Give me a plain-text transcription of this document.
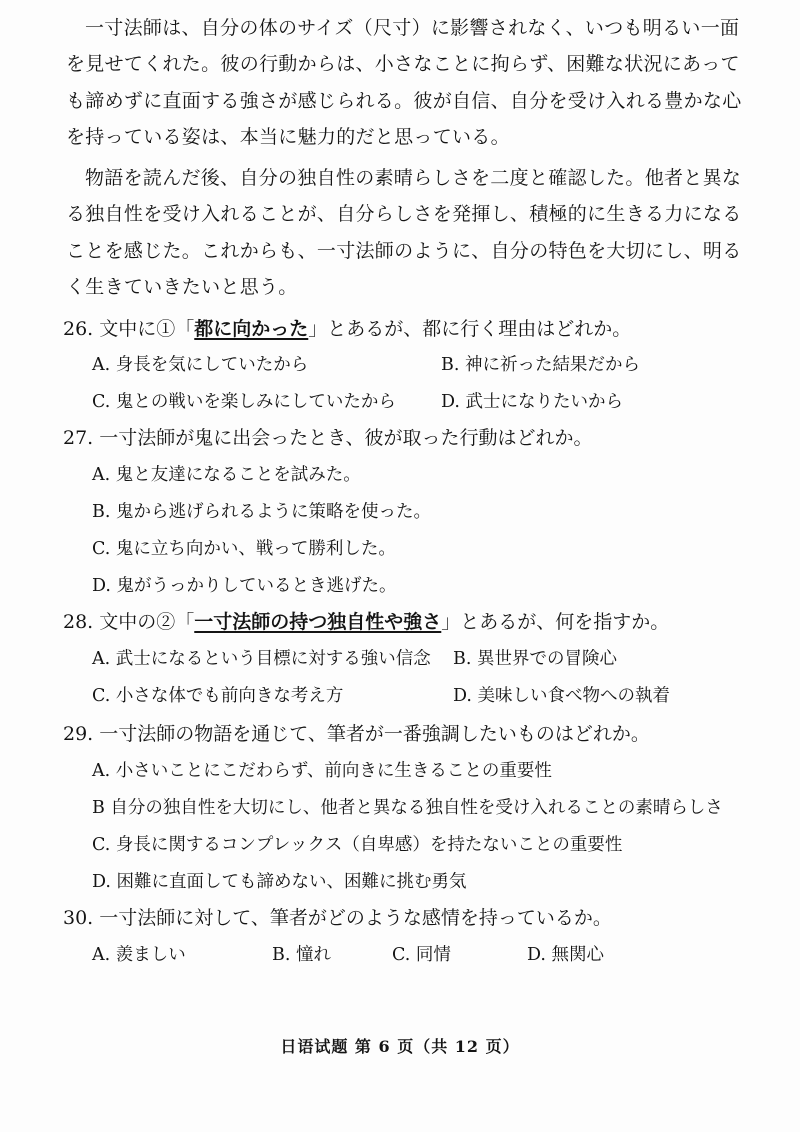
一寸法師は、自分の体のサイズ（尺寸）に影響されなく、いつも明るい一面を見せてくれた。彼の行動からは、小さなことに拘らず、困難な状況にあっても諦めずに直面する強さが感じられる。彼が自信、自分を受け入れる豊かな心を持っている姿は、本当に魅力的だと思っている。

物語を読んだ後、自分の独自性の素晴らしさを二度と確認した。他者と異なる独自性を受け入れることが、自分らしさを発揮し、積極的に生きる力になることを感じた。これからも、一寸法師のように、自分の特色を大切にし、明るく生きていきたいと思う。

26. 文中に①「都に向かった」とあるが、都に行く理由はどれか。

A. 身長を気にしていたから	B. 神に祈った結果だから

C. 鬼との戦いを楽しみにしていたから	D. 武士になりたいから

27. 一寸法師が鬼に出会ったとき、彼が取った行動はどれか。

A. 鬼と友達になることを試みた。

B. 鬼から逃げられるように策略を使った。

C. 鬼に立ち向かい、戦って勝利した。

D. 鬼がうっかりしているとき逃げた。

28. 文中の②「一寸法師の持つ独自性や強さ」とあるが、何を指すか。

A. 武士になるという目標に対する強い信念 B. 異世界での冒険心

C. 小さな体でも前向きな考え方	D. 美味しい食べ物への執着

29. 一寸法師の物語を通じて、筆者が一番強調したいものはどれか。

A. 小さいことにこだわらず、前向きに生きることの重要性

B 自分の独自性を大切にし、他者と異なる独自性を受け入れることの素晴らしさ

C. 身長に関するコンプレックス（自卑感）を持たないことの重要性

D. 困難に直面しても諦めない、困難に挑む勇気

30. 一寸法師に対して、筆者がどのような感情を持っているか。

A. 羨ましい	B. 憧れ	C. 同情	D. 無関心

日语试题 第 6 页（共 12 页）
